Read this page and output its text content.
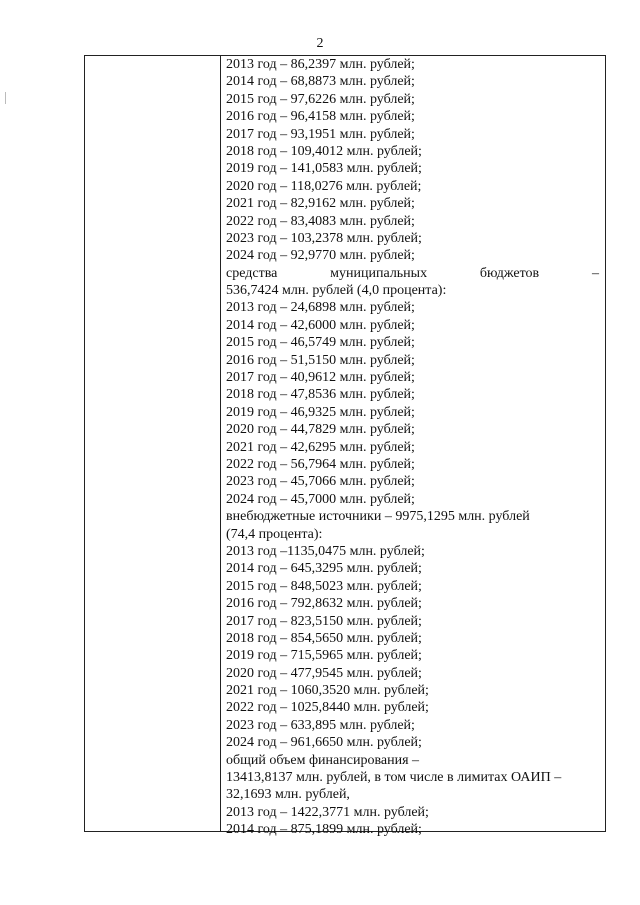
2
2013 год – 86,2397 млн. рублей;
2014 год – 68,8873 млн. рублей;
2015 год – 97,6226 млн. рублей;
2016 год – 96,4158 млн. рублей;
2017 год – 93,1951 млн. рублей;
2018 год – 109,4012 млн. рублей;
2019 год – 141,0583 млн. рублей;
2020 год – 118,0276 млн. рублей;
2021 год – 82,9162 млн. рублей;
2022 год – 83,4083 млн. рублей;
2023 год – 103,2378 млн. рублей;
2024 год – 92,9770 млн. рублей;
средства	муниципальных	бюджетов	–
536,7424 млн. рублей (4,0 процента):
2013 год – 24,6898 млн. рублей;
2014 год – 42,6000 млн. рублей;
2015 год – 46,5749 млн. рублей;
2016 год – 51,5150 млн. рублей;
2017 год – 40,9612 млн. рублей;
2018 год – 47,8536 млн. рублей;
2019 год – 46,9325 млн. рублей;
2020 год – 44,7829 млн. рублей;
2021 год – 42,6295 млн. рублей;
2022 год – 56,7964 млн. рублей;
2023 год – 45,7066 млн. рублей;
2024 год – 45,7000 млн. рублей;
внебюджетные источники – 9975,1295 млн. рублей
(74,4 процента):
2013 год –1135,0475 млн. рублей;
2014 год – 645,3295 млн. рублей;
2015 год – 848,5023 млн. рублей;
2016 год – 792,8632 млн. рублей;
2017 год – 823,5150 млн. рублей;
2018 год – 854,5650 млн. рублей;
2019 год – 715,5965 млн. рублей;
2020 год – 477,9545 млн. рублей;
2021 год – 1060,3520 млн. рублей;
2022 год – 1025,8440 млн. рублей;
2023 год – 633,895 млн. рублей;
2024 год – 961,6650 млн. рублей;
общий объем финансирования –
13413,8137 млн. рублей, в том числе в лимитах ОАИП –
32,1693 млн. рублей,
2013 год – 1422,3771 млн. рублей;
2014 год – 875,1899 млн. рублей;
